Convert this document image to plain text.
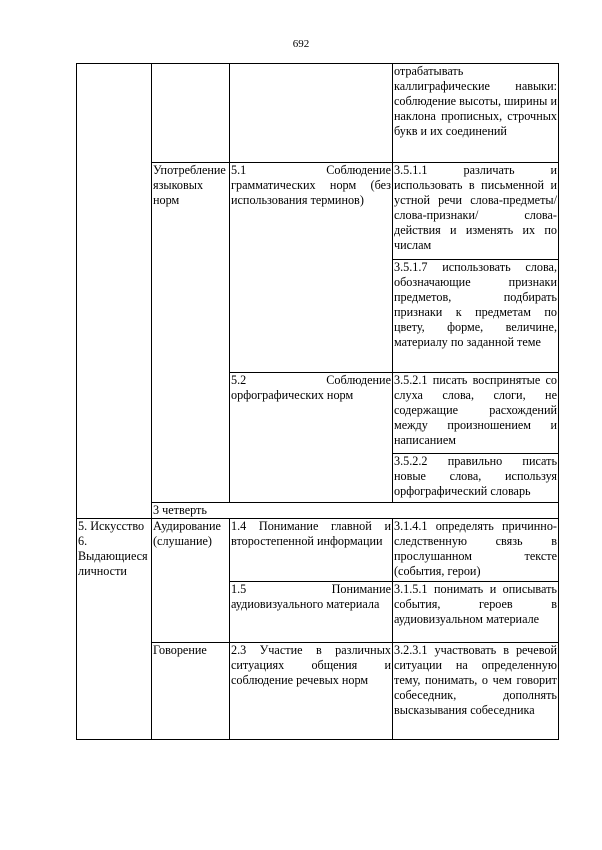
692
			отрабатывать каллиграфические навыки: соблюдение высоты, ширины и наклона прописных, строчных букв и их соединений
	Употребление языковых норм	5.1 Соблюдение грамматических норм (без использования терминов)	3.5.1.1 различать и использовать в письменной и устной речи слова-предметы/слова-признаки/ слова-действия и изменять их по числам
			3.5.1.7 использовать слова, обозначающие признаки предметов, подбирать признаки к предметам по цвету, форме, величине, материалу по заданной теме
		5.2 Соблюдение орфографических норм	3.5.2.1 писать воспринятые со слуха слова, слоги, не содержащие расхождений между произношением и написанием
			3.5.2.2 правильно писать новые слова, используя орфографический словарь
	3 четверть		
5. Искусство 6. Выдающиеся личности	Аудирование (слушание)	1.4 Понимание главной и второстепенной информации	3.1.4.1 определять причинно-следственную связь в прослушанном тексте (события, герои)
		1.5 Понимание аудиовизуального материала	3.1.5.1 понимать и описывать события, героев в аудиовизуальном материале
	Говорение	2.3 Участие в различных ситуациях общения и соблюдение речевых норм	3.2.3.1 участвовать в речевой ситуации на определенную тему, понимать, о чем говорит собеседник, дополнять высказывания собеседника
